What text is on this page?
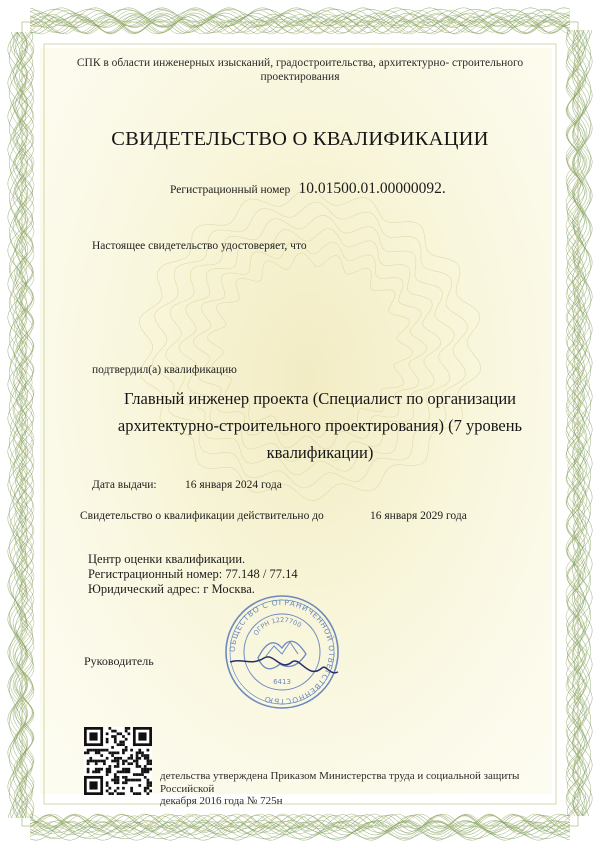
СПК в области инженерных изысканий, градостроительства, архитектурно- строительного проектирования
СВИДЕТЕЛЬСТВО О КВАЛИФИКАЦИИ
Регистрационный номер 10.01500.01.00000092.
Настоящее свидетельство удостоверяет, что
подтвердил(а) квалификацию
Главный инженер проекта (Специалист по организации
архитектурно-строительного проектирования) (7 уровень
квалификации)
Дата выдачи: 16 января 2024 года
Свидетельство о квалификации действительно до	16 января 2029 года
Центр оценки квалификации.
Регистрационный номер: 77.148 / 77.14
Юридический адрес: г Москва.
Руководитель
ОБЩЕСТВО С ОГРАНИЧЕННОЙ ОТВЕТСТВЕННОСТЬЮ
ОГРН 1227700
6413
детельства утверждена Приказом Министерства труда и социальной защиты Российской
декабря 2016 года № 725н
